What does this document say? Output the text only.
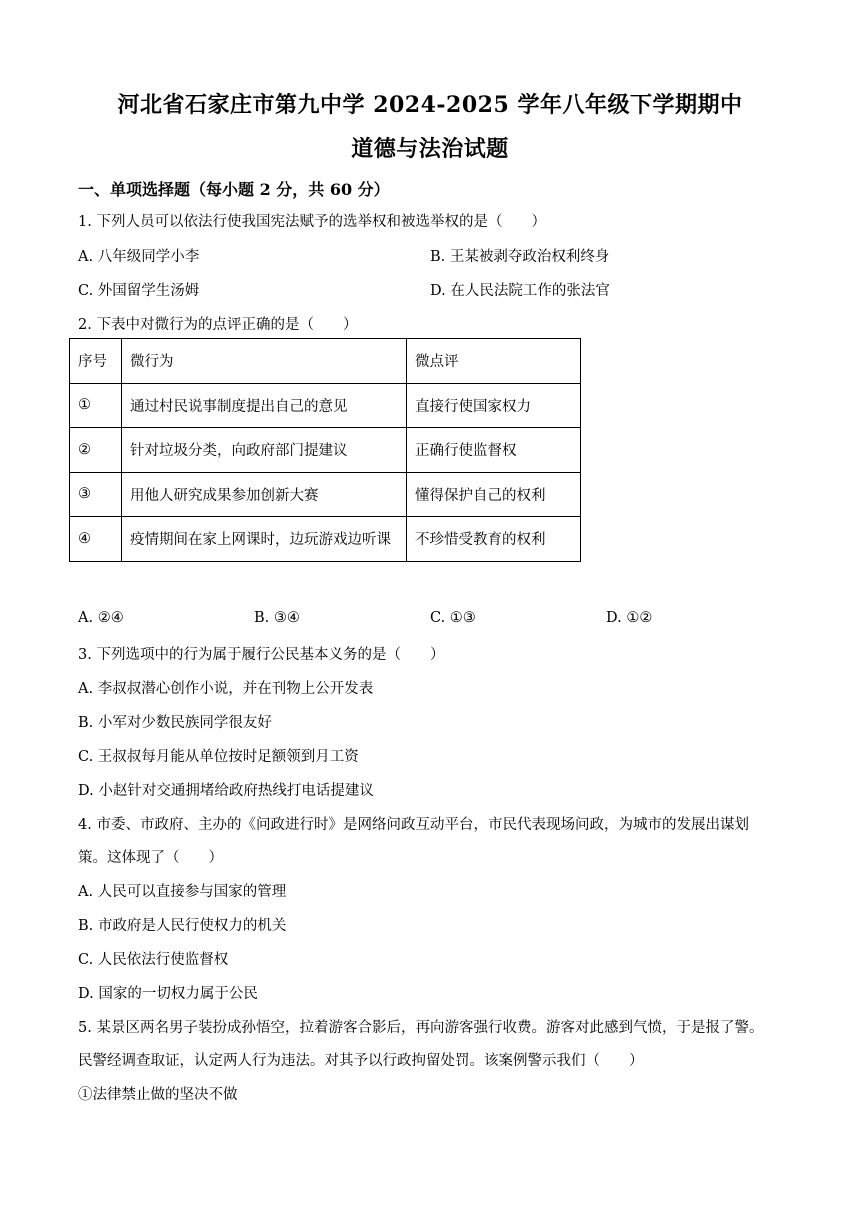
河北省石家庄市第九中学 2024-2025 学年八年级下学期期中
道德与法治试题
一、单项选择题（每小题 2 分，共 60 分）
1. 下列人员可以依法行使我国宪法赋予的选举权和被选举权的是（　　）
A. 八年级同学小李	B. 王某被剥夺政治权利终身
C. 外国留学生汤姆	D. 在人民法院工作的张法官
2. 下表中对微行为的点评正确的是（　　）
序号	微行为	微点评
①	通过村民说事制度提出自己的意见	直接行使国家权力
②	针对垃圾分类，向政府部门提建议	正确行使监督权
③	用他人研究成果参加创新大赛	懂得保护自己的权利
④	疫情期间在家上网课时，边玩游戏边听课	不珍惜受教育的权利
A. ②④	B. ③④	C. ①③	D. ①②
3. 下列选项中的行为属于履行公民基本义务的是（　　）
A. 李叔叔潜心创作小说，并在刊物上公开发表
B. 小军对少数民族同学很友好
C. 王叔叔每月能从单位按时足额领到月工资
D. 小赵针对交通拥堵给政府热线打电话提建议
4. 市委、市政府、主办的《问政进行时》是网络问政互动平台，市民代表现场问政，为城市的发展出谋划
策。这体现了（　　）
A. 人民可以直接参与国家的管理
B. 市政府是人民行使权力的机关
C. 人民依法行使监督权
D. 国家的一切权力属于公民
5. 某景区两名男子装扮成孙悟空，拉着游客合影后，再向游客强行收费。游客对此感到气愤，于是报了警。
民警经调查取证，认定两人行为违法。对其予以行政拘留处罚。该案例警示我们（　　）
①法律禁止做的坚决不做
